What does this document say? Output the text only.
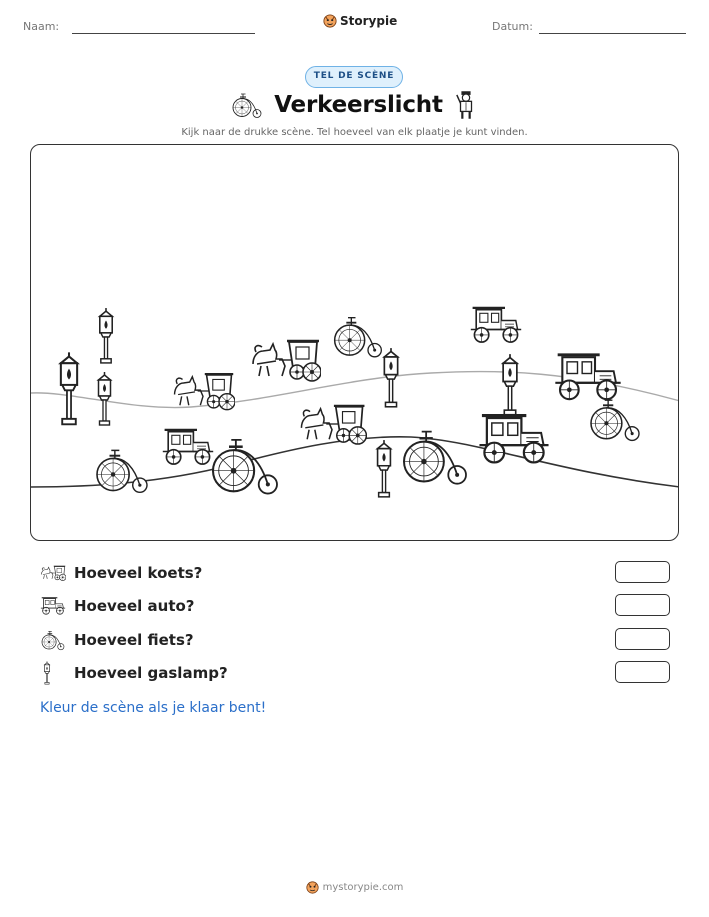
Naam:	Storypie	Datum:
TEL DE SCÈNE
Verkeerslicht
Kijk naar de drukke scène. Tel hoeveel van elk plaatje je kunt vinden.
Hoeveel koets?
Hoeveel auto?
Hoeveel fiets?
Hoeveel gaslamp?
Kleur de scène als je klaar bent!
mystorypie.com
